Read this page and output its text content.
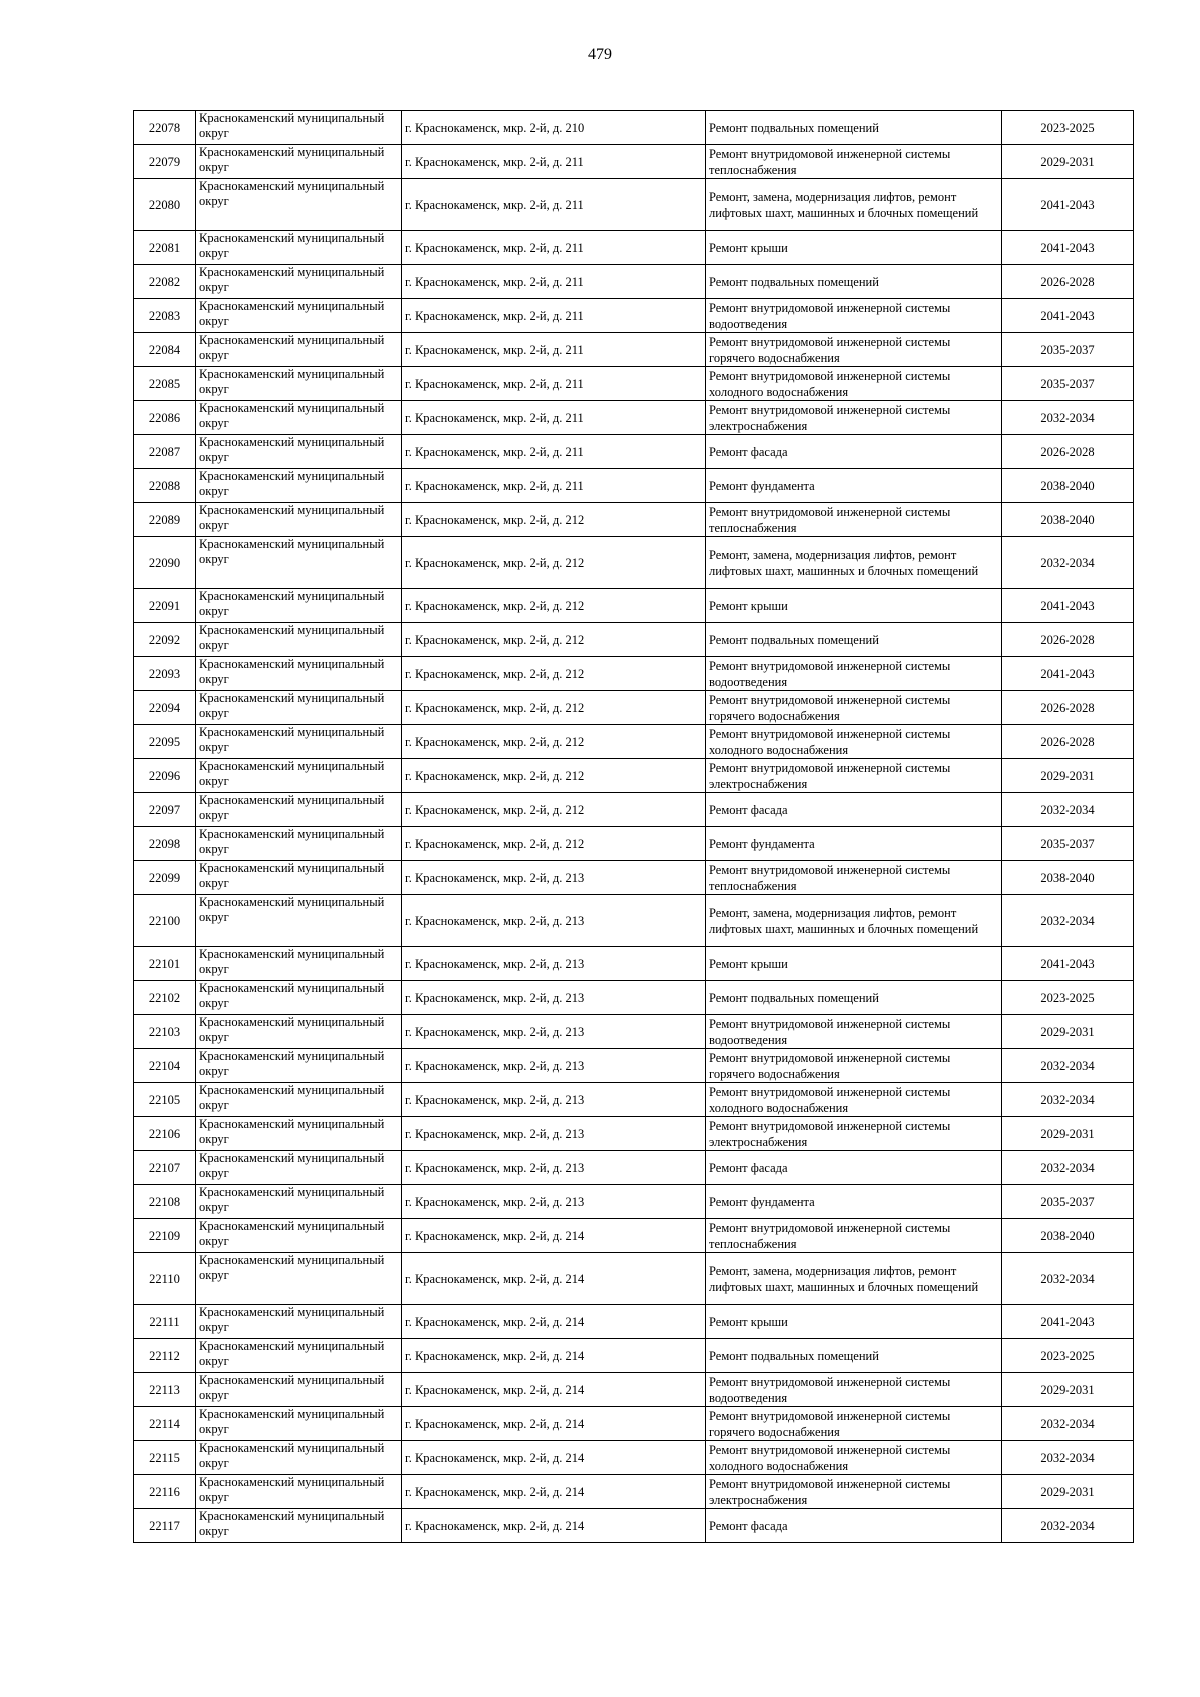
479
22078	Краснокаменский муниципальный округ	г. Краснокаменск, мкр. 2-й, д. 210	Ремонт подвальных помещений	2023-2025
22079	Краснокаменский муниципальный округ	г. Краснокаменск, мкр. 2-й, д. 211	Ремонт внутридомовой инженерной системы теплоснабжения	2029-2031
22080	Краснокаменский муниципальный округ	г. Краснокаменск, мкр. 2-й, д. 211	Ремонт, замена, модернизация лифтов, ремонт лифтовых шахт, машинных и блочных помещений	2041-2043
22081	Краснокаменский муниципальный округ	г. Краснокаменск, мкр. 2-й, д. 211	Ремонт крыши	2041-2043
22082	Краснокаменский муниципальный округ	г. Краснокаменск, мкр. 2-й, д. 211	Ремонт подвальных помещений	2026-2028
22083	Краснокаменский муниципальный округ	г. Краснокаменск, мкр. 2-й, д. 211	Ремонт внутридомовой инженерной системы водоотведения	2041-2043
22084	Краснокаменский муниципальный округ	г. Краснокаменск, мкр. 2-й, д. 211	Ремонт внутридомовой инженерной системы горячего водоснабжения	2035-2037
22085	Краснокаменский муниципальный округ	г. Краснокаменск, мкр. 2-й, д. 211	Ремонт внутридомовой инженерной системы холодного водоснабжения	2035-2037
22086	Краснокаменский муниципальный округ	г. Краснокаменск, мкр. 2-й, д. 211	Ремонт внутридомовой инженерной системы электроснабжения	2032-2034
22087	Краснокаменский муниципальный округ	г. Краснокаменск, мкр. 2-й, д. 211	Ремонт фасада	2026-2028
22088	Краснокаменский муниципальный округ	г. Краснокаменск, мкр. 2-й, д. 211	Ремонт фундамента	2038-2040
22089	Краснокаменский муниципальный округ	г. Краснокаменск, мкр. 2-й, д. 212	Ремонт внутридомовой инженерной системы теплоснабжения	2038-2040
22090	Краснокаменский муниципальный округ	г. Краснокаменск, мкр. 2-й, д. 212	Ремонт, замена, модернизация лифтов, ремонт лифтовых шахт, машинных и блочных помещений	2032-2034
22091	Краснокаменский муниципальный округ	г. Краснокаменск, мкр. 2-й, д. 212	Ремонт крыши	2041-2043
22092	Краснокаменский муниципальный округ	г. Краснокаменск, мкр. 2-й, д. 212	Ремонт подвальных помещений	2026-2028
22093	Краснокаменский муниципальный округ	г. Краснокаменск, мкр. 2-й, д. 212	Ремонт внутридомовой инженерной системы водоотведения	2041-2043
22094	Краснокаменский муниципальный округ	г. Краснокаменск, мкр. 2-й, д. 212	Ремонт внутридомовой инженерной системы горячего водоснабжения	2026-2028
22095	Краснокаменский муниципальный округ	г. Краснокаменск, мкр. 2-й, д. 212	Ремонт внутридомовой инженерной системы холодного водоснабжения	2026-2028
22096	Краснокаменский муниципальный округ	г. Краснокаменск, мкр. 2-й, д. 212	Ремонт внутридомовой инженерной системы электроснабжения	2029-2031
22097	Краснокаменский муниципальный округ	г. Краснокаменск, мкр. 2-й, д. 212	Ремонт фасада	2032-2034
22098	Краснокаменский муниципальный округ	г. Краснокаменск, мкр. 2-й, д. 212	Ремонт фундамента	2035-2037
22099	Краснокаменский муниципальный округ	г. Краснокаменск, мкр. 2-й, д. 213	Ремонт внутридомовой инженерной системы теплоснабжения	2038-2040
22100	Краснокаменский муниципальный округ	г. Краснокаменск, мкр. 2-й, д. 213	Ремонт, замена, модернизация лифтов, ремонт лифтовых шахт, машинных и блочных помещений	2032-2034
22101	Краснокаменский муниципальный округ	г. Краснокаменск, мкр. 2-й, д. 213	Ремонт крыши	2041-2043
22102	Краснокаменский муниципальный округ	г. Краснокаменск, мкр. 2-й, д. 213	Ремонт подвальных помещений	2023-2025
22103	Краснокаменский муниципальный округ	г. Краснокаменск, мкр. 2-й, д. 213	Ремонт внутридомовой инженерной системы водоотведения	2029-2031
22104	Краснокаменский муниципальный округ	г. Краснокаменск, мкр. 2-й, д. 213	Ремонт внутридомовой инженерной системы горячего водоснабжения	2032-2034
22105	Краснокаменский муниципальный округ	г. Краснокаменск, мкр. 2-й, д. 213	Ремонт внутридомовой инженерной системы холодного водоснабжения	2032-2034
22106	Краснокаменский муниципальный округ	г. Краснокаменск, мкр. 2-й, д. 213	Ремонт внутридомовой инженерной системы электроснабжения	2029-2031
22107	Краснокаменский муниципальный округ	г. Краснокаменск, мкр. 2-й, д. 213	Ремонт фасада	2032-2034
22108	Краснокаменский муниципальный округ	г. Краснокаменск, мкр. 2-й, д. 213	Ремонт фундамента	2035-2037
22109	Краснокаменский муниципальный округ	г. Краснокаменск, мкр. 2-й, д. 214	Ремонт внутридомовой инженерной системы теплоснабжения	2038-2040
22110	Краснокаменский муниципальный округ	г. Краснокаменск, мкр. 2-й, д. 214	Ремонт, замена, модернизация лифтов, ремонт лифтовых шахт, машинных и блочных помещений	2032-2034
22111	Краснокаменский муниципальный округ	г. Краснокаменск, мкр. 2-й, д. 214	Ремонт крыши	2041-2043
22112	Краснокаменский муниципальный округ	г. Краснокаменск, мкр. 2-й, д. 214	Ремонт подвальных помещений	2023-2025
22113	Краснокаменский муниципальный округ	г. Краснокаменск, мкр. 2-й, д. 214	Ремонт внутридомовой инженерной системы водоотведения	2029-2031
22114	Краснокаменский муниципальный округ	г. Краснокаменск, мкр. 2-й, д. 214	Ремонт внутридомовой инженерной системы горячего водоснабжения	2032-2034
22115	Краснокаменский муниципальный округ	г. Краснокаменск, мкр. 2-й, д. 214	Ремонт внутридомовой инженерной системы холодного водоснабжения	2032-2034
22116	Краснокаменский муниципальный округ	г. Краснокаменск, мкр. 2-й, д. 214	Ремонт внутридомовой инженерной системы электроснабжения	2029-2031
22117	Краснокаменский муниципальный округ	г. Краснокаменск, мкр. 2-й, д. 214	Ремонт фасада	2032-2034
